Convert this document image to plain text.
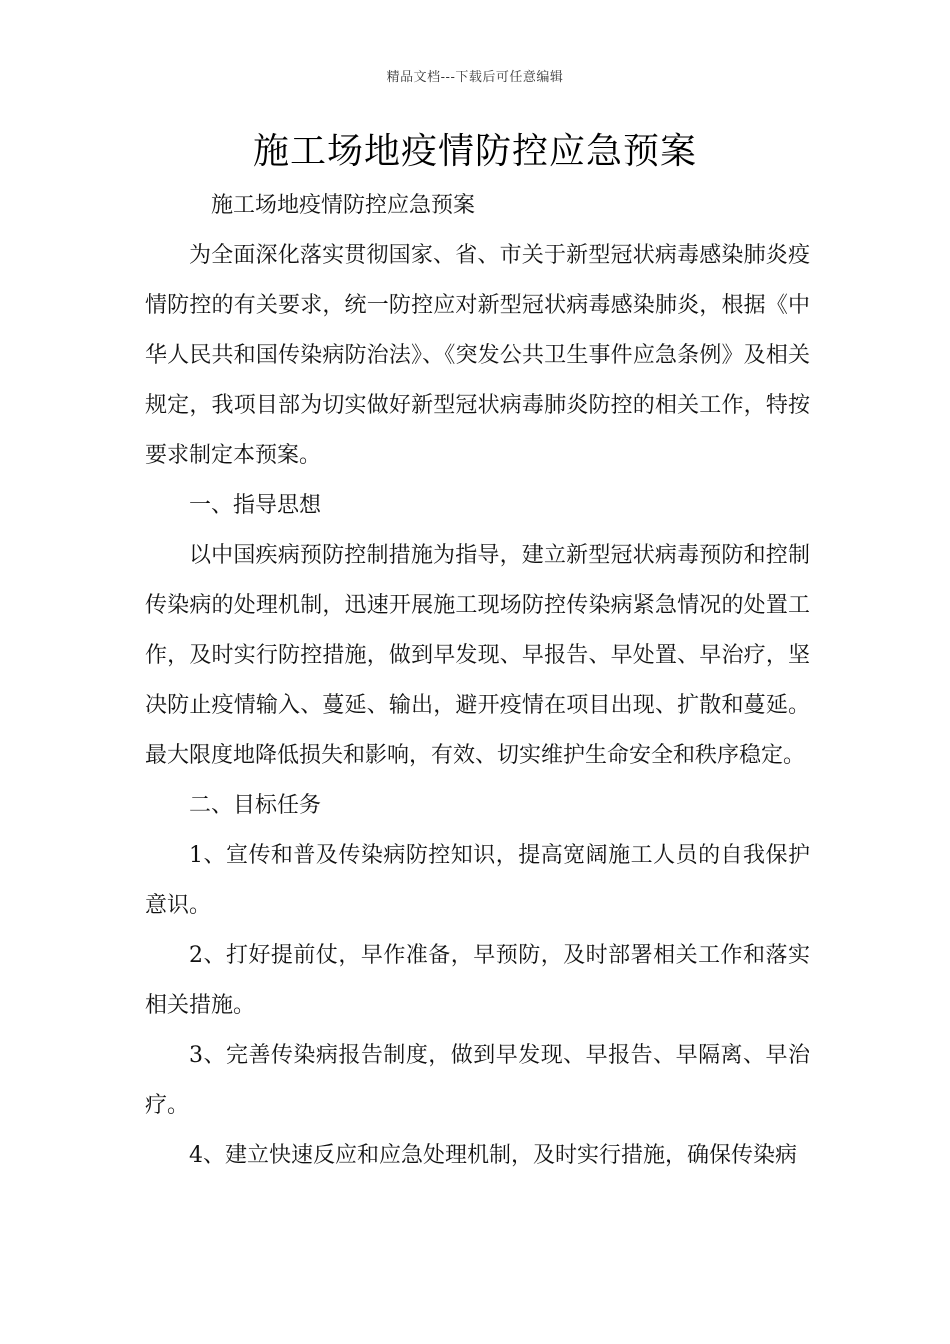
精品文档---下载后可任意编辑
施工场地疫情防控应急预案

施工场地疫情防控应急预案

为全面深化落实贯彻国家、省、市关于新型冠状病毒感染肺炎疫情防控的有关要求，统一防控应对新型冠状病毒感染肺炎，根据《中华人民共和国传染病防治法》、《突发公共卫生事件应急条例》及相关规定，我项目部为切实做好新型冠状病毒肺炎防控的相关工作，特按要求制定本预案。

一、指导思想

以中国疾病预防控制措施为指导，建立新型冠状病毒预防和控制传染病的处理机制，迅速开展施工现场防控传染病紧急情况的处置工作，及时实行防控措施，做到早发现、早报告、早处置、早治疗，坚决防止疫情输入、蔓延、输出，避开疫情在项目出现、扩散和蔓延。最大限度地降低损失和影响，有效、切实维护生命安全和秩序稳定。

二、目标任务

1、宣传和普及传染病防控知识，提高宽阔施工人员的自我保护意识。

2、打好提前仗，早作准备，早预防，及时部署相关工作和落实相关措施。

3、完善传染病报告制度，做到早发现、早报告、早隔离、早治疗。

4、建立快速反应和应急处理机制，及时实行措施，确保传染病
